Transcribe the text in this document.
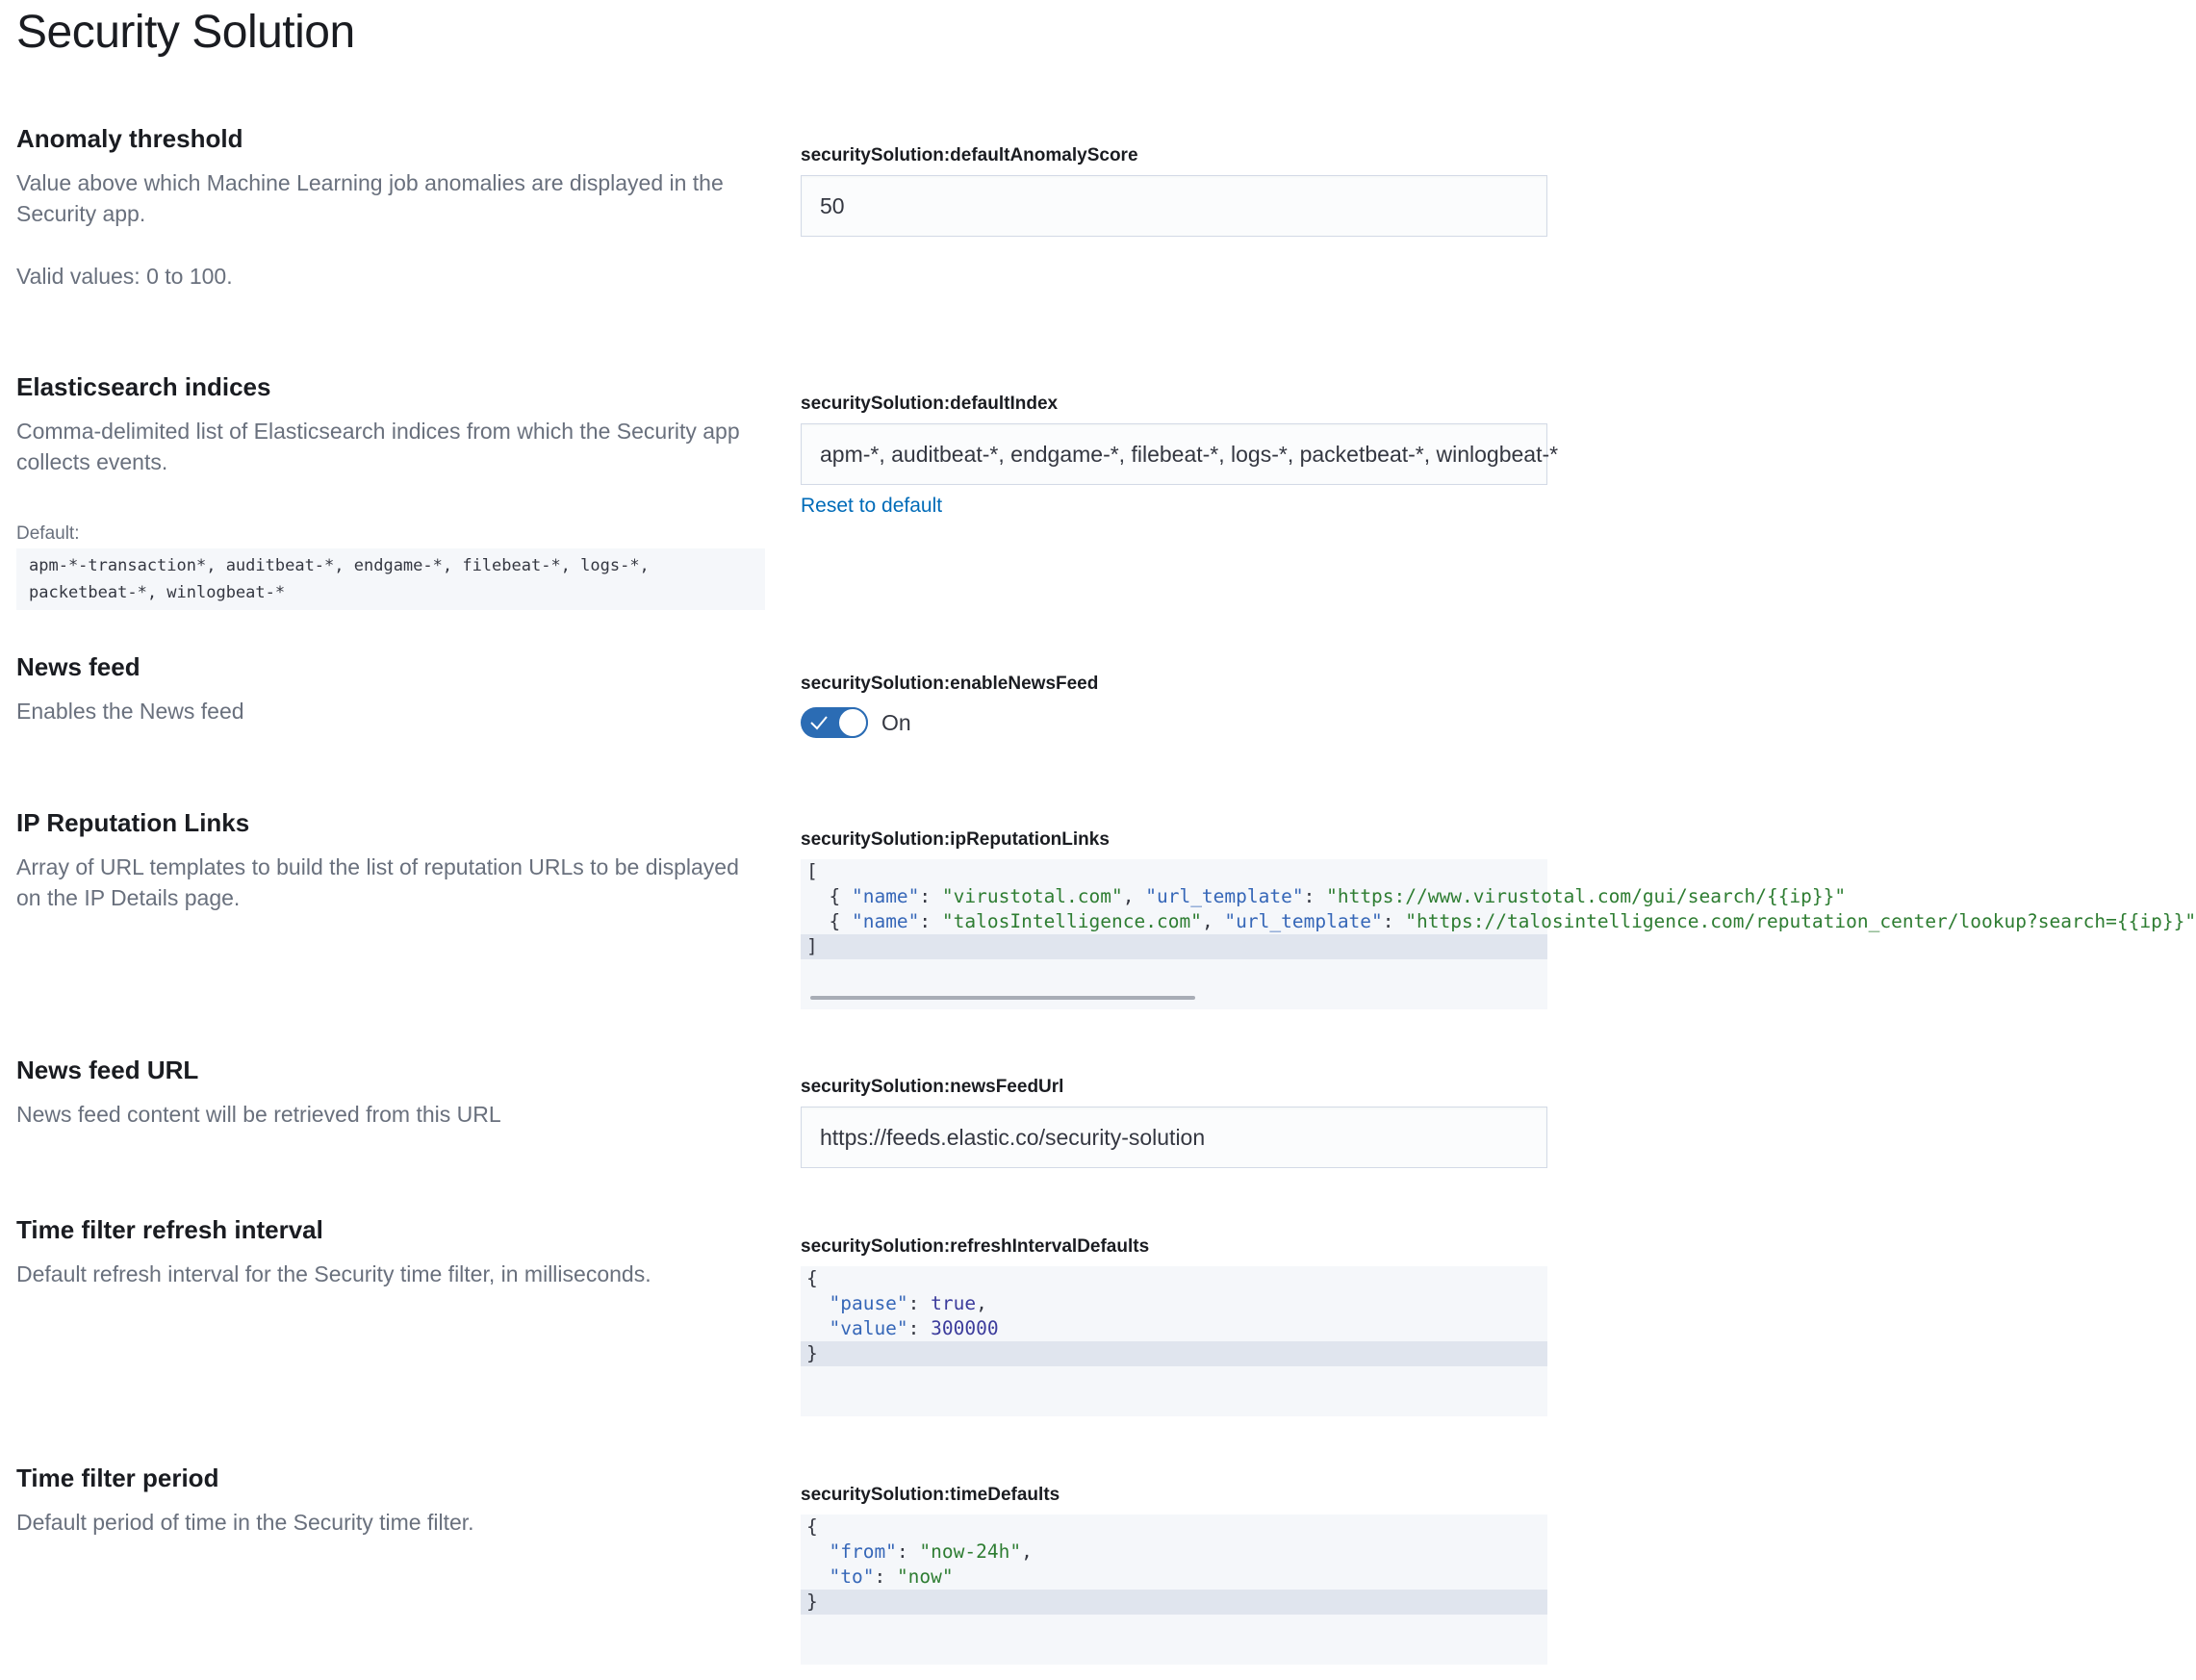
Security Solution
Anomaly threshold

Value above which Machine Learning job anomalies are displayed in the Security app.

Valid values: 0 to 100.

securitySolution:defaultAnomalyScore
50
Elasticsearch indices

Comma-delimited list of Elasticsearch indices from which the Security app collects events.

Default:
apm-*-transaction*, auditbeat-*, endgame-*, filebeat-*, logs-*,
packetbeat-*, winlogbeat-*
securitySolution:defaultIndex
apm-*, auditbeat-*, endgame-*, filebeat-*, logs-*, packetbeat-*, winlogbeat-*
Reset to default
News feed

Enables the News feed

securitySolution:enableNewsFeed
On
IP Reputation Links

Array of URL templates to build the list of reputation URLs to be displayed on the IP Details page.

securitySolution:ipReputationLinks
[
{ "name": "virustotal.com", "url_template": "https://www.virustotal.com/gui/search/{{ip}}"
{ "name": "talosIntelligence.com", "url_template": "https://talosintelligence.com/reputation_center/lookup?search={{ip}}"
]
News feed URL

News feed content will be retrieved from this URL

securitySolution:newsFeedUrl
https://feeds.elastic.co/security-solution
Time filter refresh interval

Default refresh interval for the Security time filter, in milliseconds.

securitySolution:refreshIntervalDefaults
{
"pause": true,
"value": 300000
}
Time filter period

Default period of time in the Security time filter.

securitySolution:timeDefaults
{
"from": "now-24h",
"to": "now"
}
